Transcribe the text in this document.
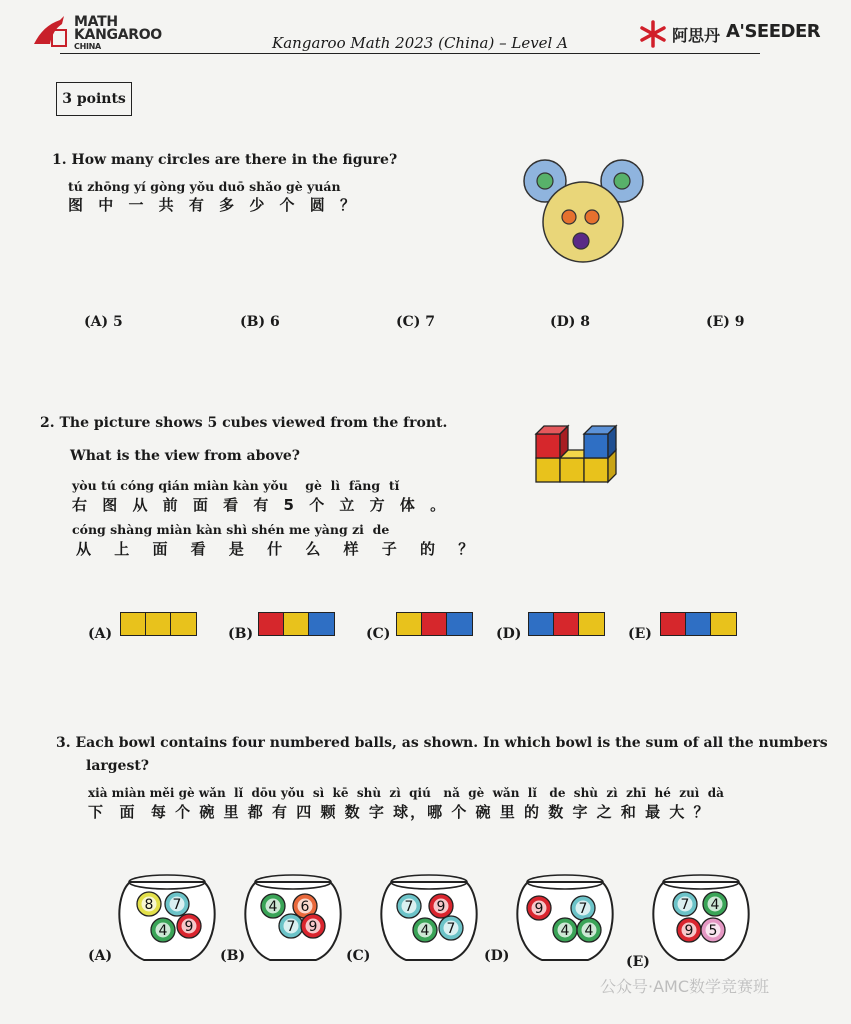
MATH
KANGAROO
CHINA	Kangaroo Math 2023 (China) – Level A	阿思丹 A'SEEDER
3 points
1. How many circles are there in the figure?
tú zhōng yí gòng yǒu duō shǎo gè yuán
图 中 一 共 有 多 少 个 圆 ？
(A) 5	(B) 6	(C) 7	(D) 8	(E) 9
2. The picture shows 5 cubes viewed from the front.
What is the view from above?
yòu tú cóng qián miàn kàn yǒu    gè  lì  fāng  tǐ
右 图 从 前 面 看 有 5 个 立 方 体 。
cóng shàng miàn kàn shì shén me yàng zi  de
从 上 面 看 是 什 么 样 子 的 ？
(A)	(B)	(C)	(D)	(E)
3. Each bowl contains four numbered balls, as shown. In which bowl is the sum of all the numbers
largest?
xià miàn měi gè wǎn  lǐ  dōu yǒu  sì  kē  shù  zì  qiú   nǎ  gè  wǎn  lǐ   de  shù  zì  zhī  hé  zuì  dà
下  面  每 个 碗 里 都 有 四 颗 数 字 球，哪 个 碗 里 的 数 字 之 和 最 大 ？
8 7
4 9
(A)
4 6
7 9
(B)
7 9
4 7
(C)
9	7
4 4
(D)
7 4
9 5
(E)
公众号·AMC数学竞赛班
